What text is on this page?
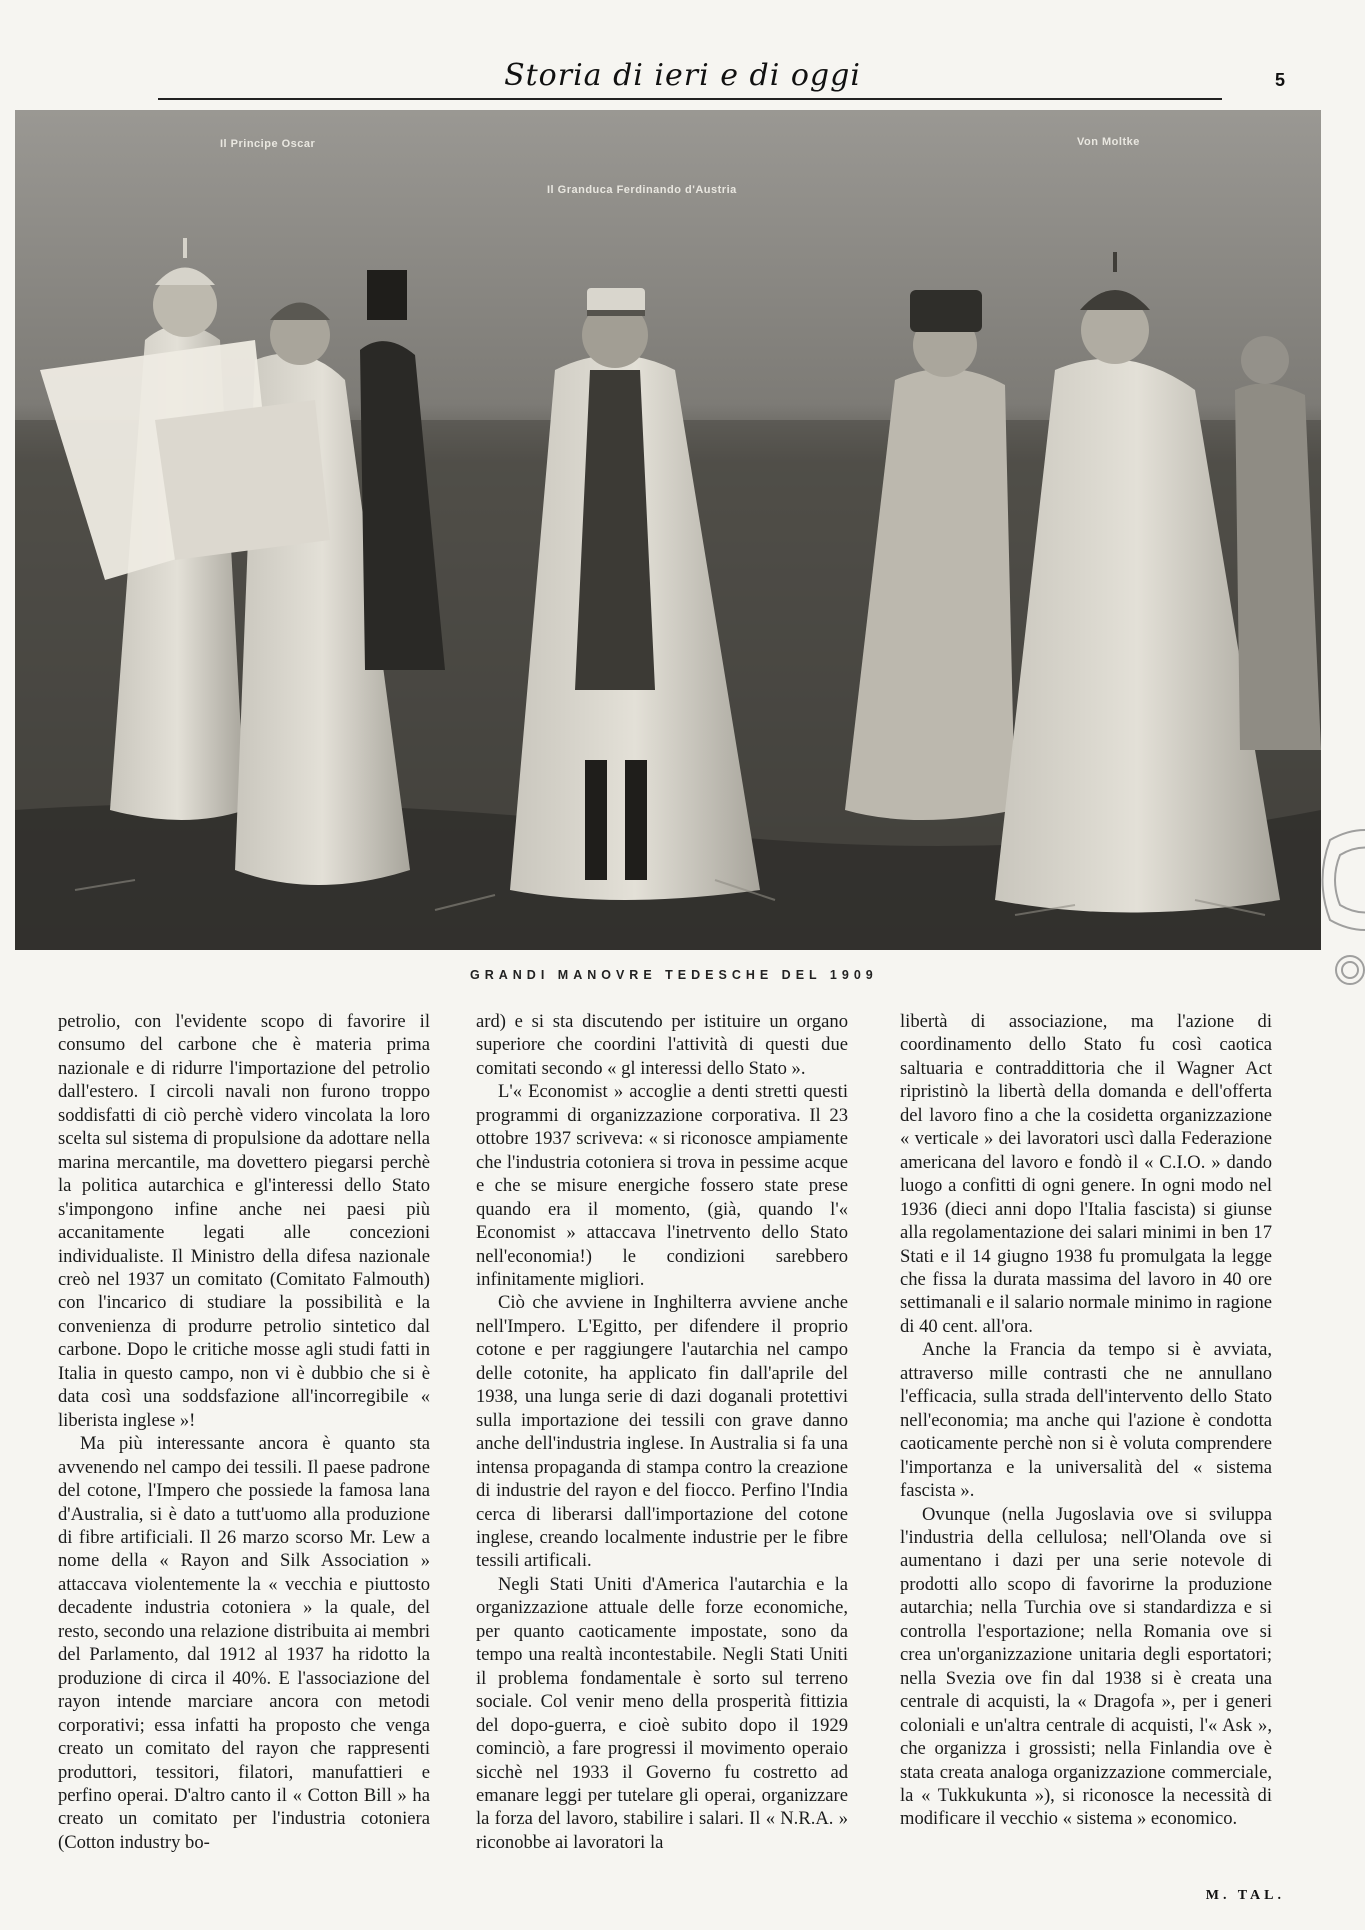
Storia di ieri e di oggi	5
Il Principe Oscar
Il Granduca Ferdinando d'Austria
Von Moltke
GRANDI MANOVRE TEDESCHE DEL 1909

petrolio, con l'evidente scopo di favorire il consumo del carbone che è materia prima nazionale e di ridurre l'importazione del petrolio dall'estero. I circoli navali non furono troppo soddisfatti di ciò perchè videro vincolata la loro scelta sul sistema di propulsione da adottare nella marina mercantile, ma dovettero piegarsi perchè la politica autarchica e gl'interessi dello Stato s'impongono infine anche nei paesi più accanitamente legati alle concezioni individualiste. Il Ministro della difesa nazionale creò nel 1937 un comitato (Comitato Falmouth) con l'incarico di studiare la possibilità e la convenienza di produrre petrolio sintetico dal carbone. Dopo le critiche mosse agli studi fatti in Italia in questo campo, non vi è dubbio che si è data così una soddsfazione all'incorregibile « liberista inglese »!

Ma più interessante ancora è quanto sta avvenendo nel campo dei tessili. Il paese padrone del cotone, l'Impero che possiede la famosa lana d'Australia, si è dato a tutt'uomo alla produzione di fibre artificiali. Il 26 marzo scorso Mr. Lew a nome della « Rayon and Silk Association » attaccava violentemente la « vecchia e piuttosto decadente industria cotoniera » la quale, del resto, secondo una relazione distribuita ai membri del Parlamento, dal 1912 al 1937 ha ridotto la produzione di circa il 40%. E l'associazione del rayon intende marciare ancora con metodi corporativi; essa infatti ha proposto che venga creato un comitato del rayon che rappresenti produttori, tessitori, filatori, manufattieri e perfino operai. D'altro canto il « Cotton Bill » ha creato un comitato per l'industria cotoniera (Cotton industry bo-

ard) e si sta discutendo per istituire un organo superiore che coordini l'attività di questi due comitati secondo « gl interessi dello Stato ».

L'« Economist » accoglie a denti stretti questi programmi di organizzazione corporativa. Il 23 ottobre 1937 scriveva: « si riconosce ampiamente che l'industria cotoniera si trova in pessime acque e che se misure energiche fossero state prese quando era il momento, (già, quando l'« Economist » attaccava l'inetrvento dello Stato nell'economia!) le condizioni sarebbero infinitamente migliori.

Ciò che avviene in Inghilterra avviene anche nell'Impero. L'Egitto, per difendere il proprio cotone e per raggiungere l'autarchia nel campo delle cotonite, ha applicato fin dall'aprile del 1938, una lunga serie di dazi doganali protettivi sulla importazione dei tessili con grave danno anche dell'industria inglese. In Australia si fa una intensa propaganda di stampa contro la creazione di industrie del rayon e del fiocco. Perfino l'India cerca di liberarsi dall'importazione del cotone inglese, creando localmente industrie per le fibre tessili artificali.

Negli Stati Uniti d'America l'autarchia e la organizzazione attuale delle forze economiche, per quanto caoticamente impostate, sono da tempo una realtà incontestabile. Negli Stati Uniti il problema fondamentale è sorto sul terreno sociale. Col venir meno della prosperità fittizia del dopo-guerra, e cioè subito dopo il 1929 cominciò, a fare progressi il movimento operaio sicchè nel 1933 il Governo fu costretto ad emanare leggi per tutelare gli operai, organizzare la forza del lavoro, stabilire i salari. Il « N.R.A. » riconobbe ai lavoratori la

libertà di associazione, ma l'azione di coordinamento dello Stato fu così caotica saltuaria e contraddittoria che il Wagner Act ripristinò la libertà della domanda e dell'offerta del lavoro fino a che la cosidetta organizzazione « verticale » dei lavoratori uscì dalla Federazione americana del lavoro e fondò il « C.I.O. » dando luogo a confitti di ogni genere. In ogni modo nel 1936 (dieci anni dopo l'Italia fascista) si giunse alla regolamentazione dei salari minimi in ben 17 Stati e il 14 giugno 1938 fu promulgata la legge che fissa la durata massima del lavoro in 40 ore settimanali e il salario normale minimo in ragione di 40 cent. all'ora.

Anche la Francia da tempo si è avviata, attraverso mille contrasti che ne annullano l'efficacia, sulla strada dell'intervento dello Stato nell'economia; ma anche qui l'azione è condotta caoticamente perchè non si è voluta comprendere l'importanza e la universalità del « sistema fascista ».

Ovunque (nella Jugoslavia ove si sviluppa l'industria della cellulosa; nell'Olanda ove si aumentano i dazi per una serie notevole di prodotti allo scopo di favorirne la produzione autarchia; nella Turchia ove si standardizza e si controlla l'esportazione; nella Romania ove si crea un'organizzazione unitaria degli esportatori; nella Svezia ove fin dal 1938 si è creata una centrale di acquisti, la « Dragofa », per i generi coloniali e un'altra centrale di acquisti, l'« Ask », che organizza i grossisti; nella Finlandia ove è stata creata analoga organizzazione commerciale, la « Tukkukunta »), si riconosce la necessità di modificare il vecchio « sistema » economico.

M. TAL.
